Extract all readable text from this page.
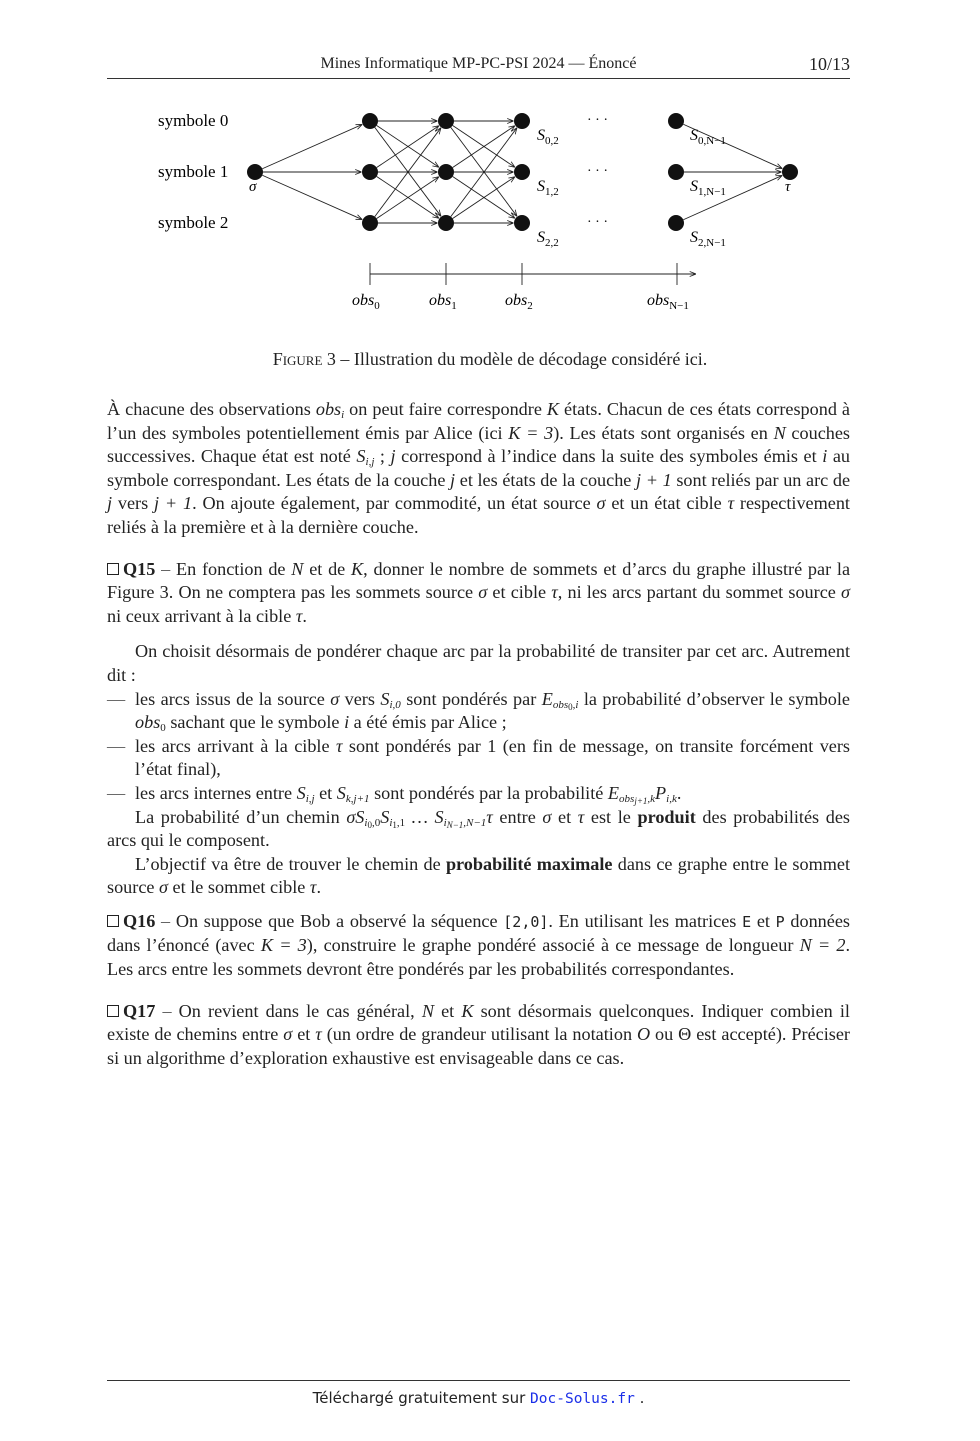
Mines Informatique MP-PC-PSI 2024 — Énoncé	10/13
symbole 0
symbole 1
symbole 2
σ	τ
· · ·
· · ·
· · ·
$S_{0,2}$
$S_{1,2}$
$S_{2,2}$
$S_{0,N-1}$
$S_{1,N-1}$
$S_{2,N-1}$
obs$_0$	obs$_1$	obs$_2$	obs$_{N-1}$
Figure 3 – Illustration du modèle de décodage considéré ici.

À chacune des observations obs$_i$ on peut faire correspondre K états. Chacun de ces états correspond à l’un des symboles potentiellement émis par Alice (ici K = 3). Les états sont organisés en N couches successives. Chaque état est noté $S_{i,j}$ ; j correspond à l’indice dans la suite des symboles émis et i au symbole correspondant. Les états de la couche j et les états de la couche j + 1 sont reliés par un arc de j vers j + 1. On ajoute également, par commodité, un état source σ et un état cible τ respectivement reliés à la première et à la dernière couche.

Q15 – En fonction de N et de K, donner le nombre de sommets et d’arcs du graphe illustré par la Figure 3. On ne comptera pas les sommets source σ et cible τ, ni les arcs partant du sommet source σ ni ceux arrivant à la cible τ.

On choisit désormais de pondérer chaque arc par la probabilité de transiter par cet arc. Autrement dit :

— les arcs issus de la source σ vers $S_{i,0}$ sont pondérés par $E_{obs_0,i}$ la probabilité d’observer le symbole obs$_0$ sachant que le symbole i a été émis par Alice ;
— les arcs arrivant à la cible τ sont pondérés par 1 (en fin de message, on transite forcément vers l’état final),
— les arcs internes entre $S_{i,j}$ et $S_{k,j+1}$ sont pondérés par la probabilité $E_{obs_{j+1},k}P_{i,k}$.

La probabilité d’un chemin $\sigma S_{i_0,0}S_{i_1,1}$ … $S_{i_{N-1},N-1}\tau$ entre σ et τ est le produit des probabilités des arcs qui le composent.

L’objectif va être de trouver le chemin de probabilité maximale dans ce graphe entre le sommet source σ et le sommet cible τ.

Q16 – On suppose que Bob a observé la séquence [2,0]. En utilisant les matrices E et P données dans l’énoncé (avec K = 3), construire le graphe pondéré associé à ce message de longueur N = 2. Les arcs entre les sommets devront être pondérés par les probabilités correspondantes.

Q17 – On revient dans le cas général, N et K sont désormais quelconques. Indiquer combien il existe de chemins entre σ et τ (un ordre de grandeur utilisant la notation O ou Θ est accepté). Préciser si un algorithme d’exploration exhaustive est envisageable dans ce cas.

Téléchargé gratuitement sur Doc-Solus.fr .
